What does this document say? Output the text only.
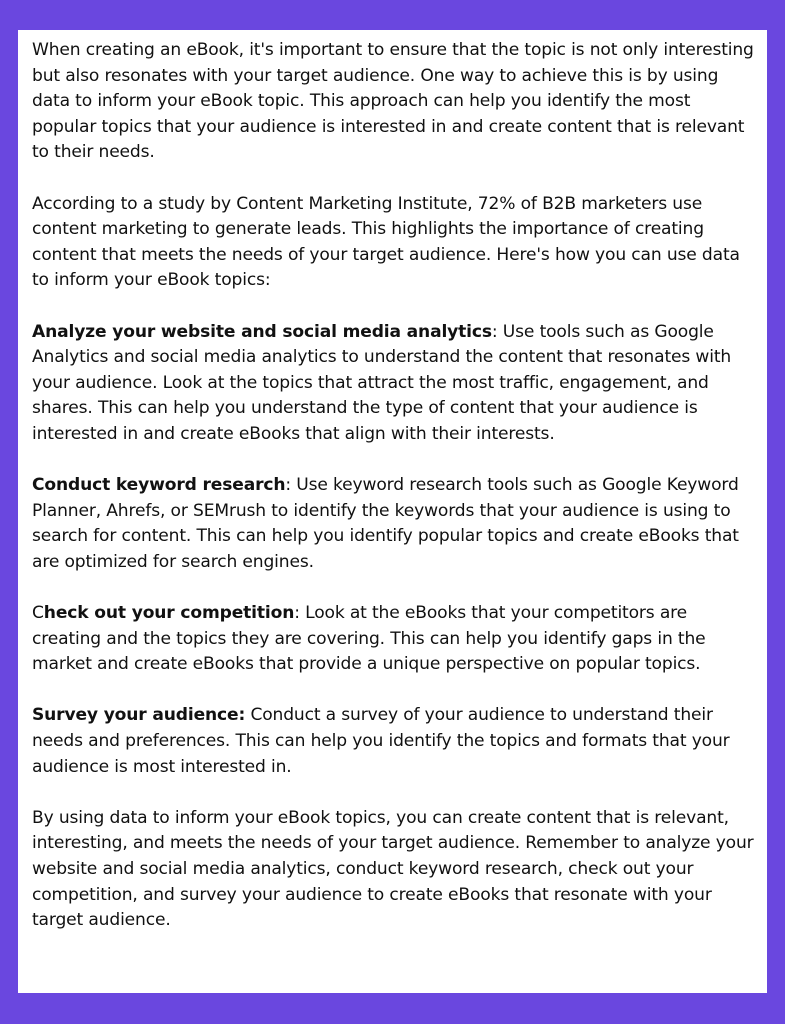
When creating an eBook, it's important to ensure that the topic is not only interesting but also resonates with your target audience. One way to achieve this is by using data to inform your eBook topic. This approach can help you identify the most popular topics that your audience is interested in and create content that is relevant to their needs.

According to a study by Content Marketing Institute, 72% of B2B marketers use content marketing to generate leads. This highlights the importance of creating content that meets the needs of your target audience. Here's how you can use data to inform your eBook topics:

Analyze your website and social media analytics: Use tools such as Google Analytics and social media analytics to understand the content that resonates with your audience. Look at the topics that attract the most traffic, engagement, and shares. This can help you understand the type of content that your audience is interested in and create eBooks that align with their interests.

Conduct keyword research: Use keyword research tools such as Google Keyword Planner, Ahrefs, or SEMrush to identify the keywords that your audience is using to search for content. This can help you identify popular topics and create eBooks that are optimized for search engines.

Check out your competition: Look at the eBooks that your competitors are creating and the topics they are covering. This can help you identify gaps in the market and create eBooks that provide a unique perspective on popular topics.

Survey your audience: Conduct a survey of your audience to understand their needs and preferences. This can help you identify the topics and formats that your audience is most interested in.

By using data to inform your eBook topics, you can create content that is relevant, interesting, and meets the needs of your target audience. Remember to analyze your website and social media analytics, conduct keyword research, check out your competition, and survey your audience to create eBooks that resonate with your target audience.
